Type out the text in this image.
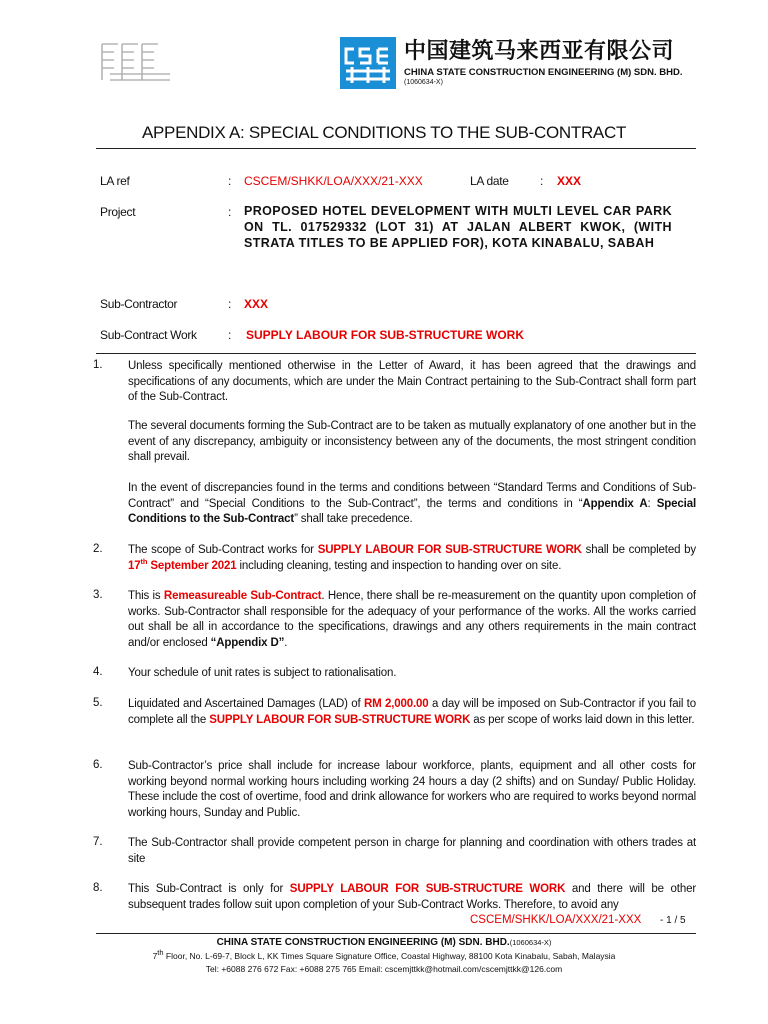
中国建筑马来西亚有限公司
CHINA STATE CONSTRUCTION ENGINEERING (M) SDN. BHD.
(1060634-X)
APPENDIX A: SPECIAL CONDITIONS TO THE SUB-CONTRACT
LA ref	: CSCEM/SHKK/LOA/XXX/21-XXX	LA date	: XXX
Project	: PROPOSED HOTEL DEVELOPMENT WITH MULTI LEVEL CAR PARK ON TL. 017529332 (LOT 31) AT JALAN ALBERT KWOK, (WITH STRATA TITLES TO BE APPLIED FOR), KOTA KINABALU, SABAH
Sub-Contractor	: XXX
Sub-Contract Work	: SUPPLY LABOUR FOR SUB-STRUCTURE WORK
1. Unless specifically mentioned otherwise in the Letter of Award, it has been agreed that the drawings and specifications of any documents, which are under the Main Contract pertaining to the Sub-Contract shall form part of the Sub-Contract.
The several documents forming the Sub-Contract are to be taken as mutually explanatory of one another but in the event of any discrepancy, ambiguity or inconsistency between any of the documents, the most stringent condition shall prevail.
In the event of discrepancies found in the terms and conditions between “Standard Terms and Conditions of Sub-Contract” and “Special Conditions to the Sub-Contract”, the terms and conditions in “Appendix A: Special Conditions to the Sub-Contract” shall take precedence.
2. The scope of Sub-Contract works for SUPPLY LABOUR FOR SUB-STRUCTURE WORK shall be completed by 17th September 2021 including cleaning, testing and inspection to handing over on site.
3. This is Remeasureable Sub-Contract. Hence, there shall be re-measurement on the quantity upon completion of works. Sub-Contractor shall responsible for the adequacy of your performance of the works. All the works carried out shall be all in accordance to the specifications, drawings and any others requirements in the main contract and/or enclosed “Appendix D”.
4. Your schedule of unit rates is subject to rationalisation.
5. Liquidated and Ascertained Damages (LAD) of RM 2,000.00 a day will be imposed on Sub-Contractor if you fail to complete all the SUPPLY LABOUR FOR SUB-STRUCTURE WORK as per scope of works laid down in this letter.
6. Sub-Contractor’s price shall include for increase labour workforce, plants, equipment and all other costs for working beyond normal working hours including working 24 hours a day (2 shifts) and on Sunday/ Public Holiday. These include the cost of overtime, food and drink allowance for workers who are required to works beyond normal working hours, Sunday and Public.
7. The Sub-Contractor shall provide competent person in charge for planning and coordination with others trades at site
8. This Sub-Contract is only for SUPPLY LABOUR FOR SUB-STRUCTURE WORK and there will be other subsequent trades follow suit upon completion of your Sub-Contract Works. Therefore, to avoid any
CSCEM/SHKK/LOA/XXX/21-XXX - 1 / 5
CHINA STATE CONSTRUCTION ENGINEERING (M) SDN. BHD.(1060634-X)
7th Floor, No. L-69-7, Block L, KK Times Square Signature Office, Coastal Highway, 88100 Kota Kinabalu, Sabah, Malaysia
Tel: +6088 276 672 Fax: +6088 275 765 Email: cscemjttkk@hotmail.com/cscemjttkk@126.com
